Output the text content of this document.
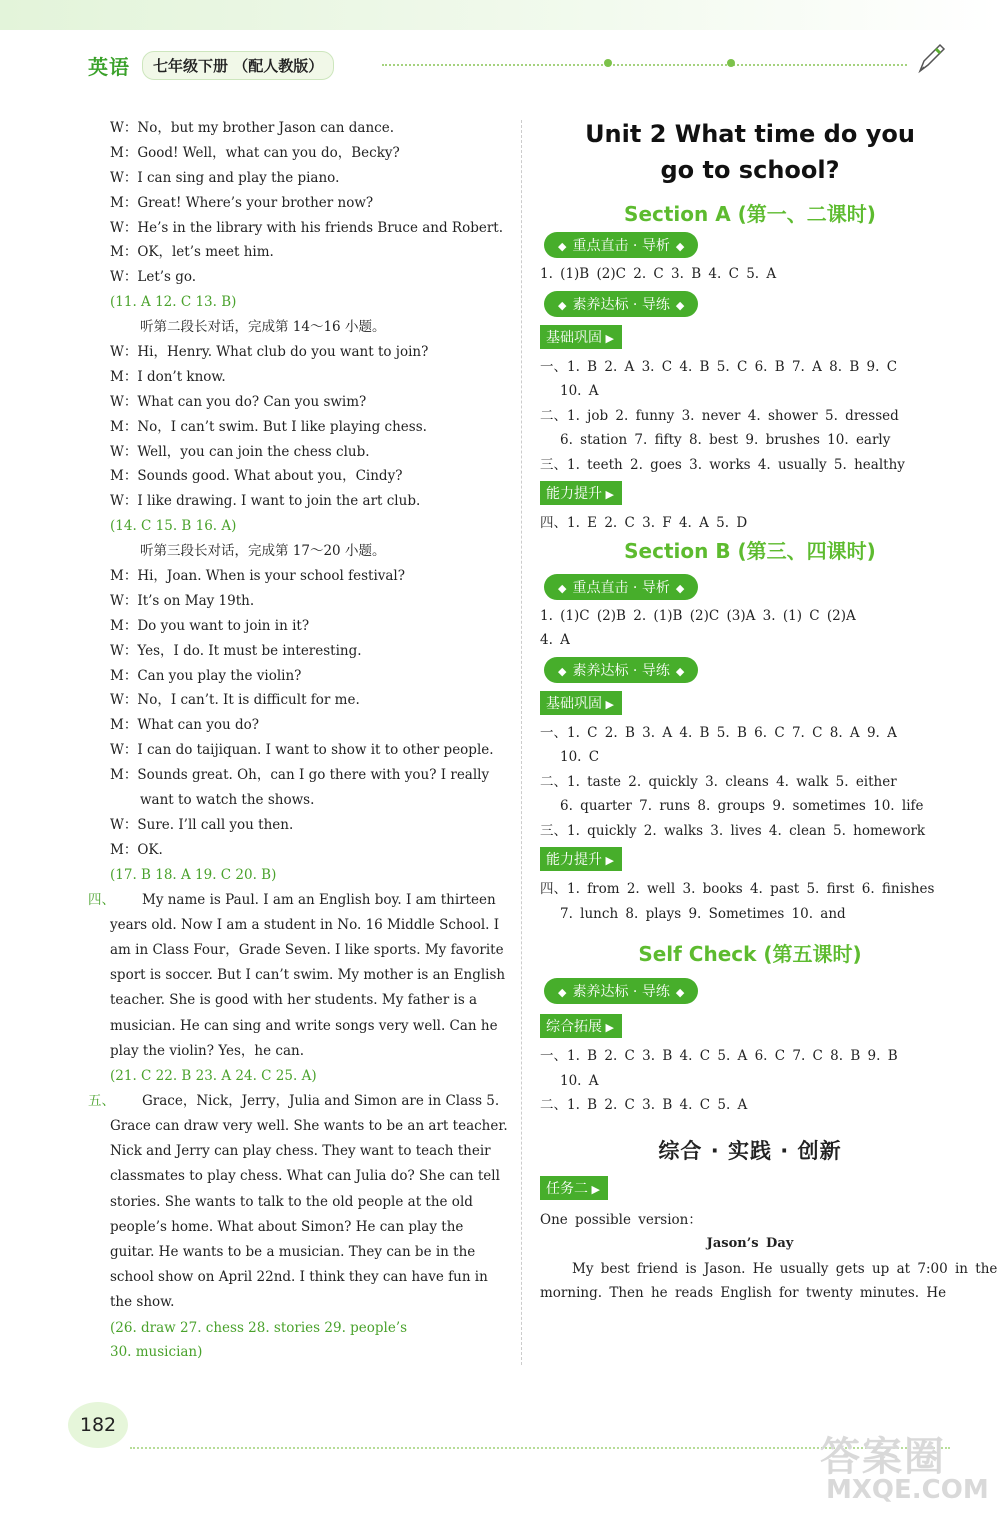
英语	七年级下册 （配人教版）
W：No，but my brother Jason can dance.
M：Good! Well，what can you do，Becky?
W：I can sing and play the piano.
M：Great! Where’s your brother now?
W：He’s in the library with his friends Bruce and Robert.
M：OK，let’s meet him.
W：Let’s go.
(11. A 12. C 13. B)
听第二段长对话，完成第 14～16 小题。
W：Hi，Henry. What club do you want to join?
M：I don’t know.
W：What can you do? Can you swim?
M：No，I can’t swim. But I like playing chess.
W：Well，you can join the chess club.
M：Sounds good. What about you，Cindy?
W：I like drawing. I want to join the art club.
(14. C 15. B 16. A)
听第三段长对话，完成第 17～20 小题。
M：Hi，Joan. When is your school festival?
W：It’s on May 19th.
M：Do you want to join in it?
W：Yes，I do. It must be interesting.
M：Can you play the violin?
W：No，I can’t. It is difficult for me.
M：What can you do?
W：I can do taijiquan. I want to show it to other people.
M：Sounds great. Oh，can I go there with you? I really
want to watch the shows.
W：Sure. I’ll call you then.
M：OK.
(17. B 18. A 19. C 20. B)
四、 My name is Paul. I am an English boy. I am thirteen
years old. Now I am a student in No. 16 Middle School. I
am in Class Four，Grade Seven. I like sports. My favorite
sport is soccer. But I can’t swim. My mother is an English
teacher. She is good with her students. My father is a
musician. He can sing and write songs very well. Can he
play the violin? Yes，he can.
(21. C 22. B 23. A 24. C 25. A)
五、 Grace，Nick，Jerry，Julia and Simon are in Class 5.
Grace can draw very well. She wants to be an art teacher.
Nick and Jerry can play chess. They want to teach their
classmates to play chess. What can Julia do? She can tell
stories. She wants to talk to the old people at the old
people’s home. What about Simon? He can play the
guitar. He wants to be a musician. They can be in the
school show on April 22nd. I think they can have fun in
the show.
(26. draw 27. chess 28. stories 29. people’s
30. musician)
Unit 2 What time do you
go to school?
Section A (第一、二课时)
◆ 重点直击 · 导析 ◆
1. (1)B (2)C 2. C 3. B 4. C 5. A
◆ 素养达标 · 导练 ◆
基础巩固 ▶
一、1. B 2. A 3. C 4. B 5. C 6. B 7. A 8. B 9. C
10. A
二、1. job 2. funny 3. never 4. shower 5. dressed
6. station 7. fifty 8. best 9. brushes 10. early
三、1. teeth 2. goes 3. works 4. usually 5. healthy
能力提升 ▶
四、1. E 2. C 3. F 4. A 5. D
Section B (第三、四课时)
◆ 重点直击 · 导析 ◆
1. (1)C (2)B 2. (1)B (2)C (3)A 3. (1) C (2)A
4. A
◆ 素养达标 · 导练 ◆
基础巩固 ▶
一、1. C 2. B 3. A 4. B 5. B 6. C 7. C 8. A 9. A
10. C
二、1. taste 2. quickly 3. cleans 4. walk 5. either
6. quarter 7. runs 8. groups 9. sometimes 10. life
三、1. quickly 2. walks 3. lives 4. clean 5. homework
能力提升 ▶
四、1. from 2. well 3. books 4. past 5. first 6. finishes
7. lunch 8. plays 9. Sometimes 10. and
Self Check (第五课时)
◆ 素养达标 · 导练 ◆
综合拓展 ▶
一、1. B 2. C 3. B 4. C 5. A 6. C 7. C 8. B 9. B
10. A
二、1. B 2. C 3. B 4. C 5. A
综合 · 实践 · 创新
任务二 ▶
One possible version：
Jason’s Day
My best friend is Jason. He usually gets up at 7:00 in the
morning. Then he reads English for twenty minutes. He
182
答案圈
MXQE.COM
